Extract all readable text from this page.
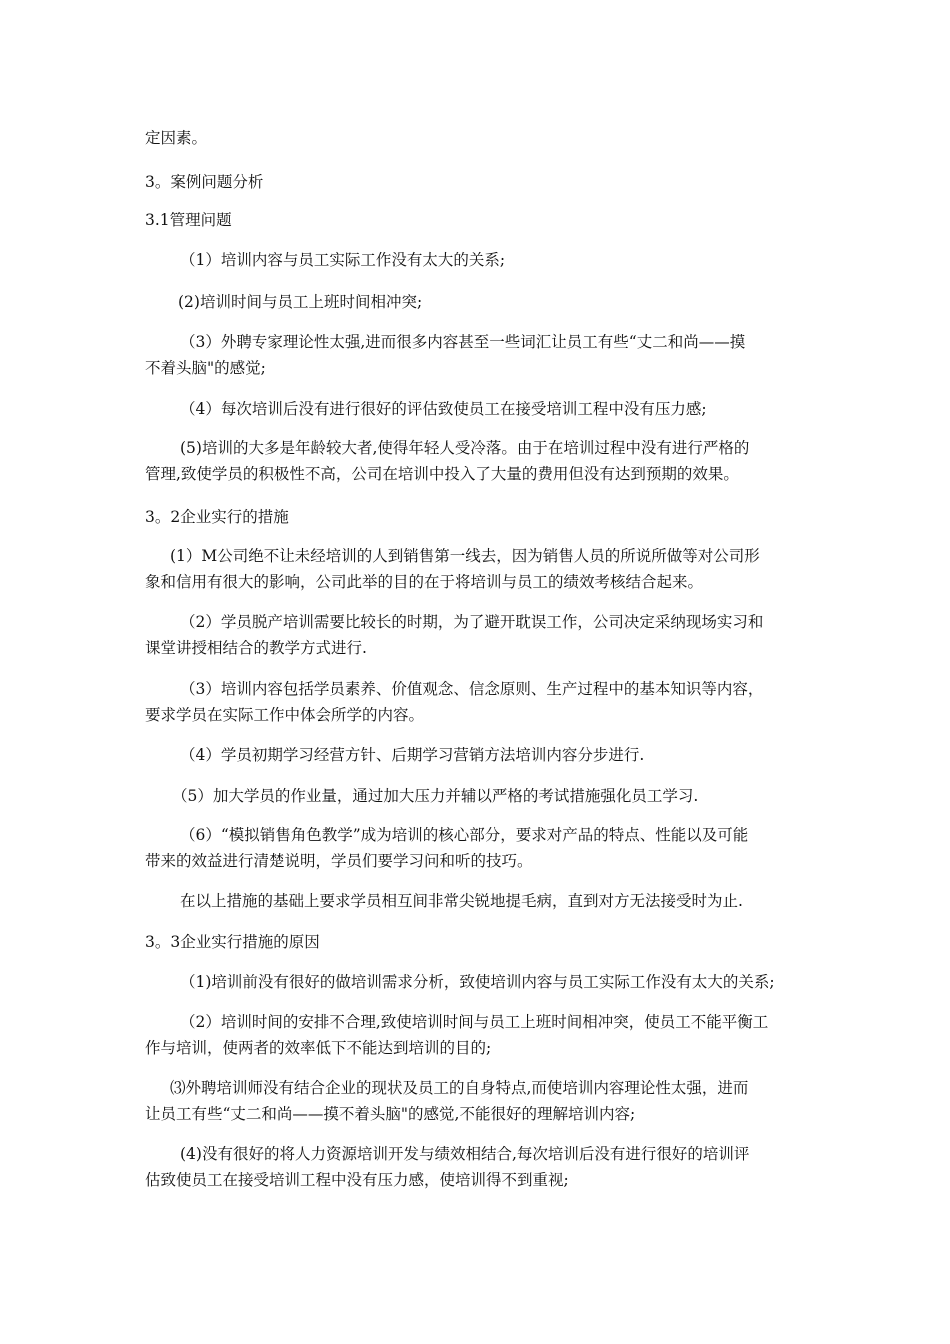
定因素。
3。案例问题分析
3.1管理问题
（1）培训内容与员工实际工作没有太大的关系;
(2)培训时间与员工上班时间相冲突;
（3）外聘专家理论性太强,进而很多内容甚至一些词汇让员工有些“丈二和尚——摸
不着头脑"的感觉;
（4）每次培训后没有进行很好的评估致使员工在接受培训工程中没有压力感;
(5)培训的大多是年龄较大者,使得年轻人受冷落。由于在培训过程中没有进行严格的
管理,致使学员的积极性不高，公司在培训中投入了大量的费用但没有达到预期的效果。
3。2企业实行的措施
(1）M公司绝不让未经培训的人到销售第一线去，因为销售人员的所说所做等对公司形
象和信用有很大的影响，公司此举的目的在于将培训与员工的绩效考核结合起来。
（2）学员脱产培训需要比较长的时期，为了避开耽误工作，公司决定采纳现场实习和
课堂讲授相结合的教学方式进行.
（3）培训内容包括学员素养、价值观念、信念原则、生产过程中的基本知识等内容，
要求学员在实际工作中体会所学的内容。
（4）学员初期学习经营方针、后期学习营销方法培训内容分步进行.
（5）加大学员的作业量，通过加大压力并辅以严格的考试措施强化员工学习.
（6）“模拟销售角色教学”成为培训的核心部分，要求对产品的特点、性能以及可能
带来的效益进行清楚说明，学员们要学习问和听的技巧。
在以上措施的基础上要求学员相互间非常尖锐地提毛病，直到对方无法接受时为止.
3。3企业实行措施的原因
（1)培训前没有很好的做培训需求分析，致使培训内容与员工实际工作没有太大的关系;
（2）培训时间的安排不合理,致使培训时间与员工上班时间相冲突，使员工不能平衡工
作与培训，使两者的效率低下不能达到培训的目的;
⑶外聘培训师没有结合企业的现状及员工的自身特点,而使培训内容理论性太强，进而
让员工有些“丈二和尚——摸不着头脑"的感觉,不能很好的理解培训内容;
(4)没有很好的将人力资源培训开发与绩效相结合,每次培训后没有进行很好的培训评
估致使员工在接受培训工程中没有压力感，使培训得不到重视;
